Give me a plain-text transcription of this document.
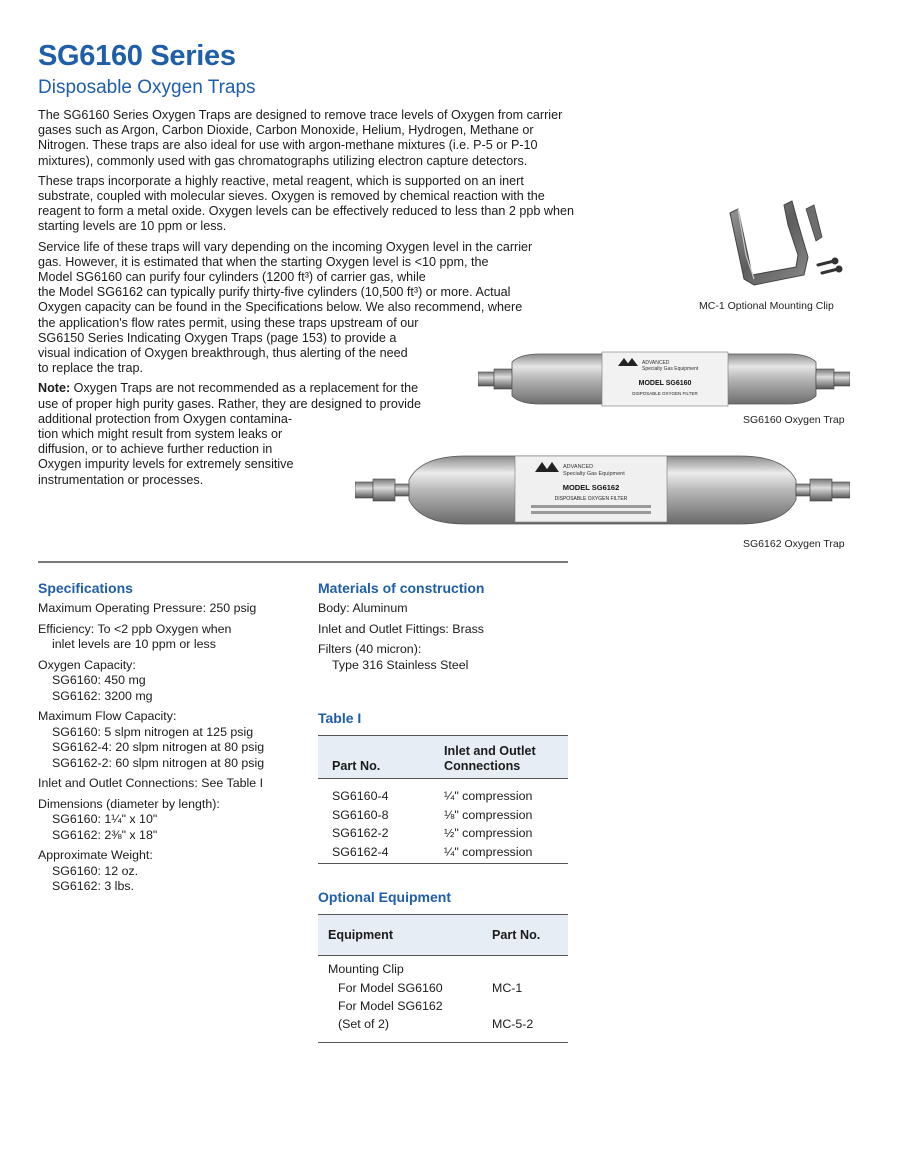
SG6160 Series
Disposable Oxygen Traps

The SG6160 Series Oxygen Traps are designed to remove trace levels of Oxygen from carrier gases such as Argon, Carbon Dioxide, Carbon Monoxide, Helium, Hydrogen, Methane or Nitrogen. These traps are also ideal for use with argon-methane mixtures (i.e. P-5 or P-10 mixtures), commonly used with gas chromatographs utilizing electron capture detectors.

These traps incorporate a highly reactive, metal reagent, which is supported on an inert substrate, coupled with molecular sieves. Oxygen is removed by chemical reaction with the reagent to form a metal oxide. Oxygen levels can be effectively reduced to less than 2 ppb when starting levels are 10 ppm or less.

Service life of these traps will vary depending on the incoming Oxygen level in the carrier
gas. However, it is estimated that when the starting Oxygen level is <10 ppm, the
Model SG6160 can purify four cylinders (1200 ft³) of carrier gas, while
the Model SG6162 can typically purify thirty-five cylinders (10,500 ft³) or more. Actual
Oxygen capacity can be found in the Specifications below. We also recommend, where
the application's flow rates permit, using these traps upstream of our
SG6150 Series Indicating Oxygen Traps (page 153) to provide a
visual indication of Oxygen breakthrough, thus alerting of the need
to replace the trap.

Note: Oxygen Traps are not recommended as a replacement for the
use of proper high purity gases. Rather, they are designed to provide
additional protection from Oxygen contamina-
tion which might result from system leaks or
diffusion, or to achieve further reduction in
Oxygen impurity levels for extremely sensitive
instrumentation or processes.

MC-1 Optional Mounting Clip
ADVANCED
Specialty Gas Equipment
MODEL SG6160
DISPOSABLE OXYGEN FILTER
SG6160 Oxygen Trap
ADVANCED
Specialty Gas Equipment
MODEL SG6162
DISPOSABLE OXYGEN FILTER
SG6162 Oxygen Trap
Specifications
Maximum Operating Pressure: 250 psig
Efficiency: To <2 ppb Oxygen when
inlet levels are 10 ppm or less
Oxygen Capacity:
SG6160: 450 mg
SG6162: 3200 mg
Maximum Flow Capacity:
SG6160: 5 slpm nitrogen at 125 psig
SG6162-4: 20 slpm nitrogen at 80 psig
SG6162-2: 60 slpm nitrogen at 80 psig
Inlet and Outlet Connections: See Table I
Dimensions (diameter by length):
SG6160: 1¼" x 10"
SG6162: 2⅜" x 18"
Approximate Weight:
SG6160: 12 oz.
SG6162: 3 lbs.
Materials of construction
Body: Aluminum
Inlet and Outlet Fittings: Brass
Filters (40 micron):
Type 316 Stainless Steel
Table I
Part No.
Inlet and Outlet
Connections
SG6160-4	¼" compression
SG6160-8	⅛" compression
SG6162-2	½" compression
SG6162-4	¼" compression
Optional Equipment
Equipment	Part No.
Mounting Clip
For Model SG6160	MC-1
For Model SG6162
(Set of 2)	MC-5-2
